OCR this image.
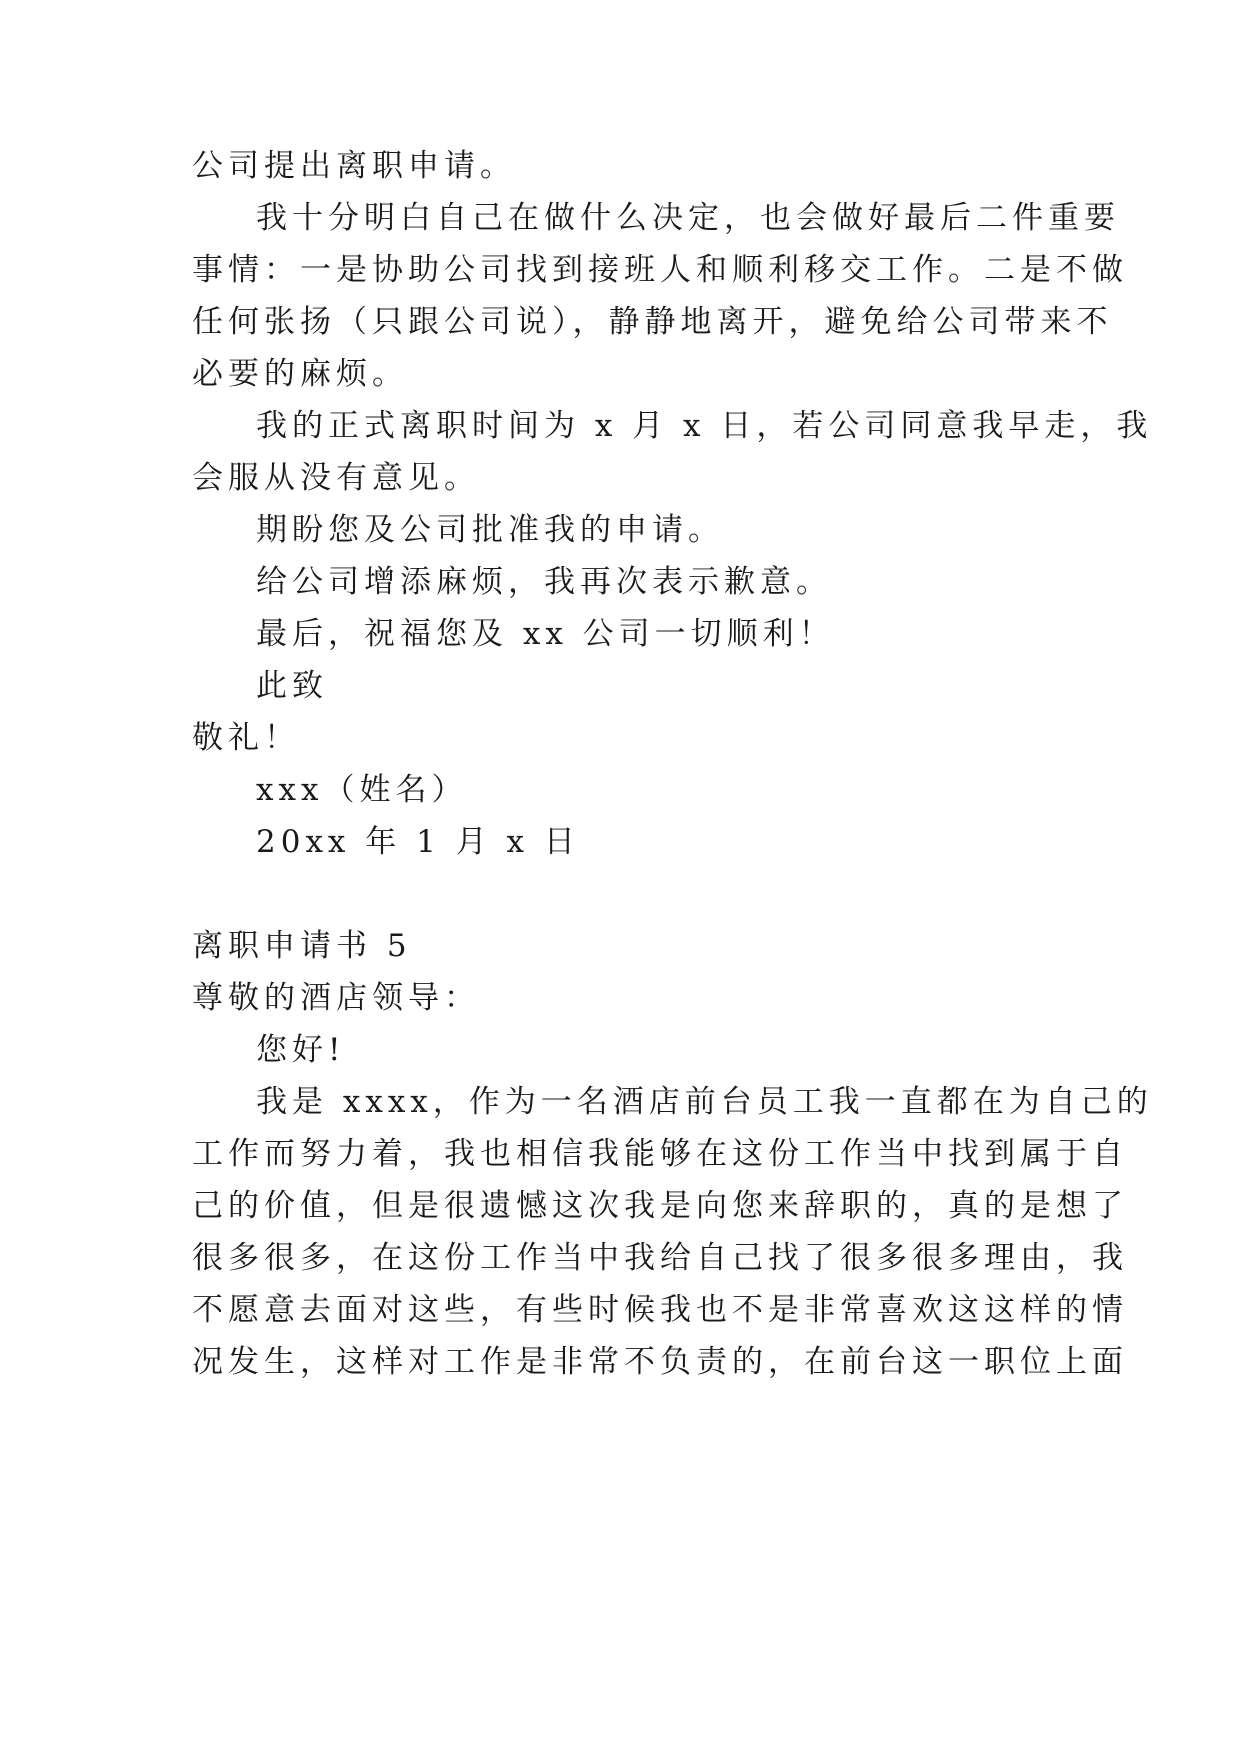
公司提出离职申请。
我十分明白自己在做什么决定，也会做好最后二件重要
事情：一是协助公司找到接班人和顺利移交工作。二是不做
任何张扬（只跟公司说），静静地离开，避免给公司带来不
必要的麻烦。
我的正式离职时间为 x 月 x 日，若公司同意我早走，我
会服从没有意见。
期盼您及公司批准我的申请。
给公司增添麻烦，我再次表示歉意。
最后，祝福您及 xx 公司一切顺利！
此致
敬礼！
xxx（姓名）
20xx 年 1 月 x 日
离职申请书 5
尊敬的酒店领导：
您好!
我是 xxxx，作为一名酒店前台员工我一直都在为自己的
工作而努力着，我也相信我能够在这份工作当中找到属于自
己的价值，但是很遗憾这次我是向您来辞职的，真的是想了
很多很多，在这份工作当中我给自己找了很多很多理由，我
不愿意去面对这些，有些时候我也不是非常喜欢这这样的情
况发生，这样对工作是非常不负责的，在前台这一职位上面
